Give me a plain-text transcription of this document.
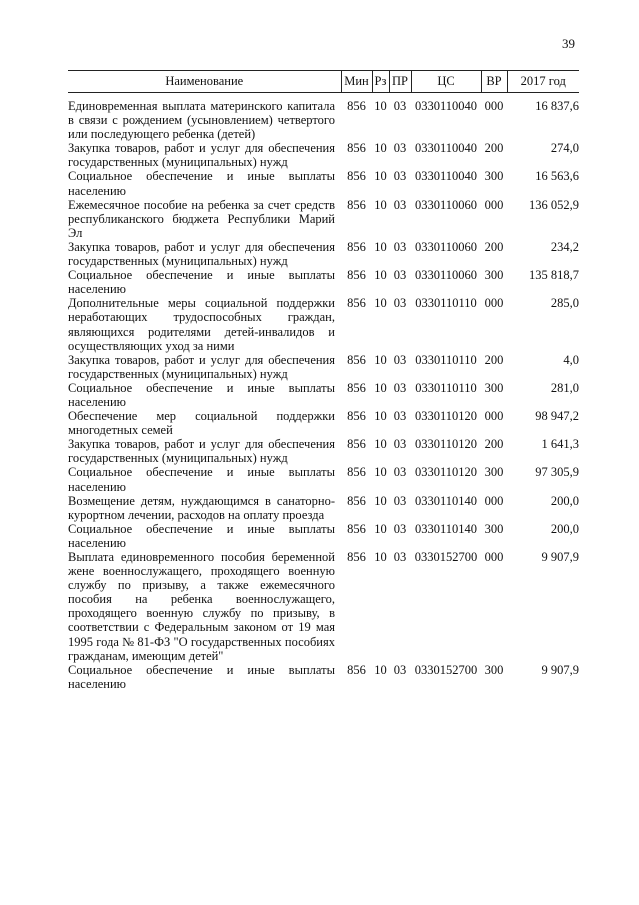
39
Наименование	Мин	Рз	ПР	ЦС	ВР	2017 год
Единовременная выплата материнского капитала в связи с рождением (усыновлением) четвертого или последующего ребенка (детей)	856	10	03	0330110040	000	16 837,6
Закупка товаров, работ и услуг для обеспечения государственных (муниципальных) нужд	856	10	03	0330110040	200	274,0
Социальное обеспечение и иные выплаты населению	856	10	03	0330110040	300	16 563,6
Ежемесячное пособие на ребенка за счет средств республиканского бюджета Республики Марий Эл	856	10	03	0330110060	000	136 052,9
Закупка товаров, работ и услуг для обеспечения государственных (муниципальных) нужд	856	10	03	0330110060	200	234,2
Социальное обеспечение и иные выплаты населению	856	10	03	0330110060	300	135 818,7
Дополнительные меры социальной поддержки неработающих трудоспособных граждан, являющихся родителями детей-инвалидов и осуществляющих уход за ними	856	10	03	0330110110	000	285,0
Закупка товаров, работ и услуг для обеспечения государственных (муниципальных) нужд	856	10	03	0330110110	200	4,0
Социальное обеспечение и иные выплаты населению	856	10	03	0330110110	300	281,0
Обеспечение мер социальной поддержки многодетных семей	856	10	03	0330110120	000	98 947,2
Закупка товаров, работ и услуг для обеспечения государственных (муниципальных) нужд	856	10	03	0330110120	200	1 641,3
Социальное обеспечение и иные выплаты населению	856	10	03	0330110120	300	97 305,9
Возмещение детям, нуждающимся в санаторно-курортном лечении, расходов на оплату проезда	856	10	03	0330110140	000	200,0
Социальное обеспечение и иные выплаты населению	856	10	03	0330110140	300	200,0
Выплата единовременного пособия беременной жене военнослужащего, проходящего военную службу по призыву, а также ежемесячного пособия на ребенка военнослужащего, проходящего военную службу по призыву, в соответствии с Федеральным законом от 19 мая 1995 года № 81-ФЗ "О государственных пособиях гражданам, имеющим детей"	856	10	03	0330152700	000	9 907,9
Социальное обеспечение и иные выплаты населению	856	10	03	0330152700	300	9 907,9
